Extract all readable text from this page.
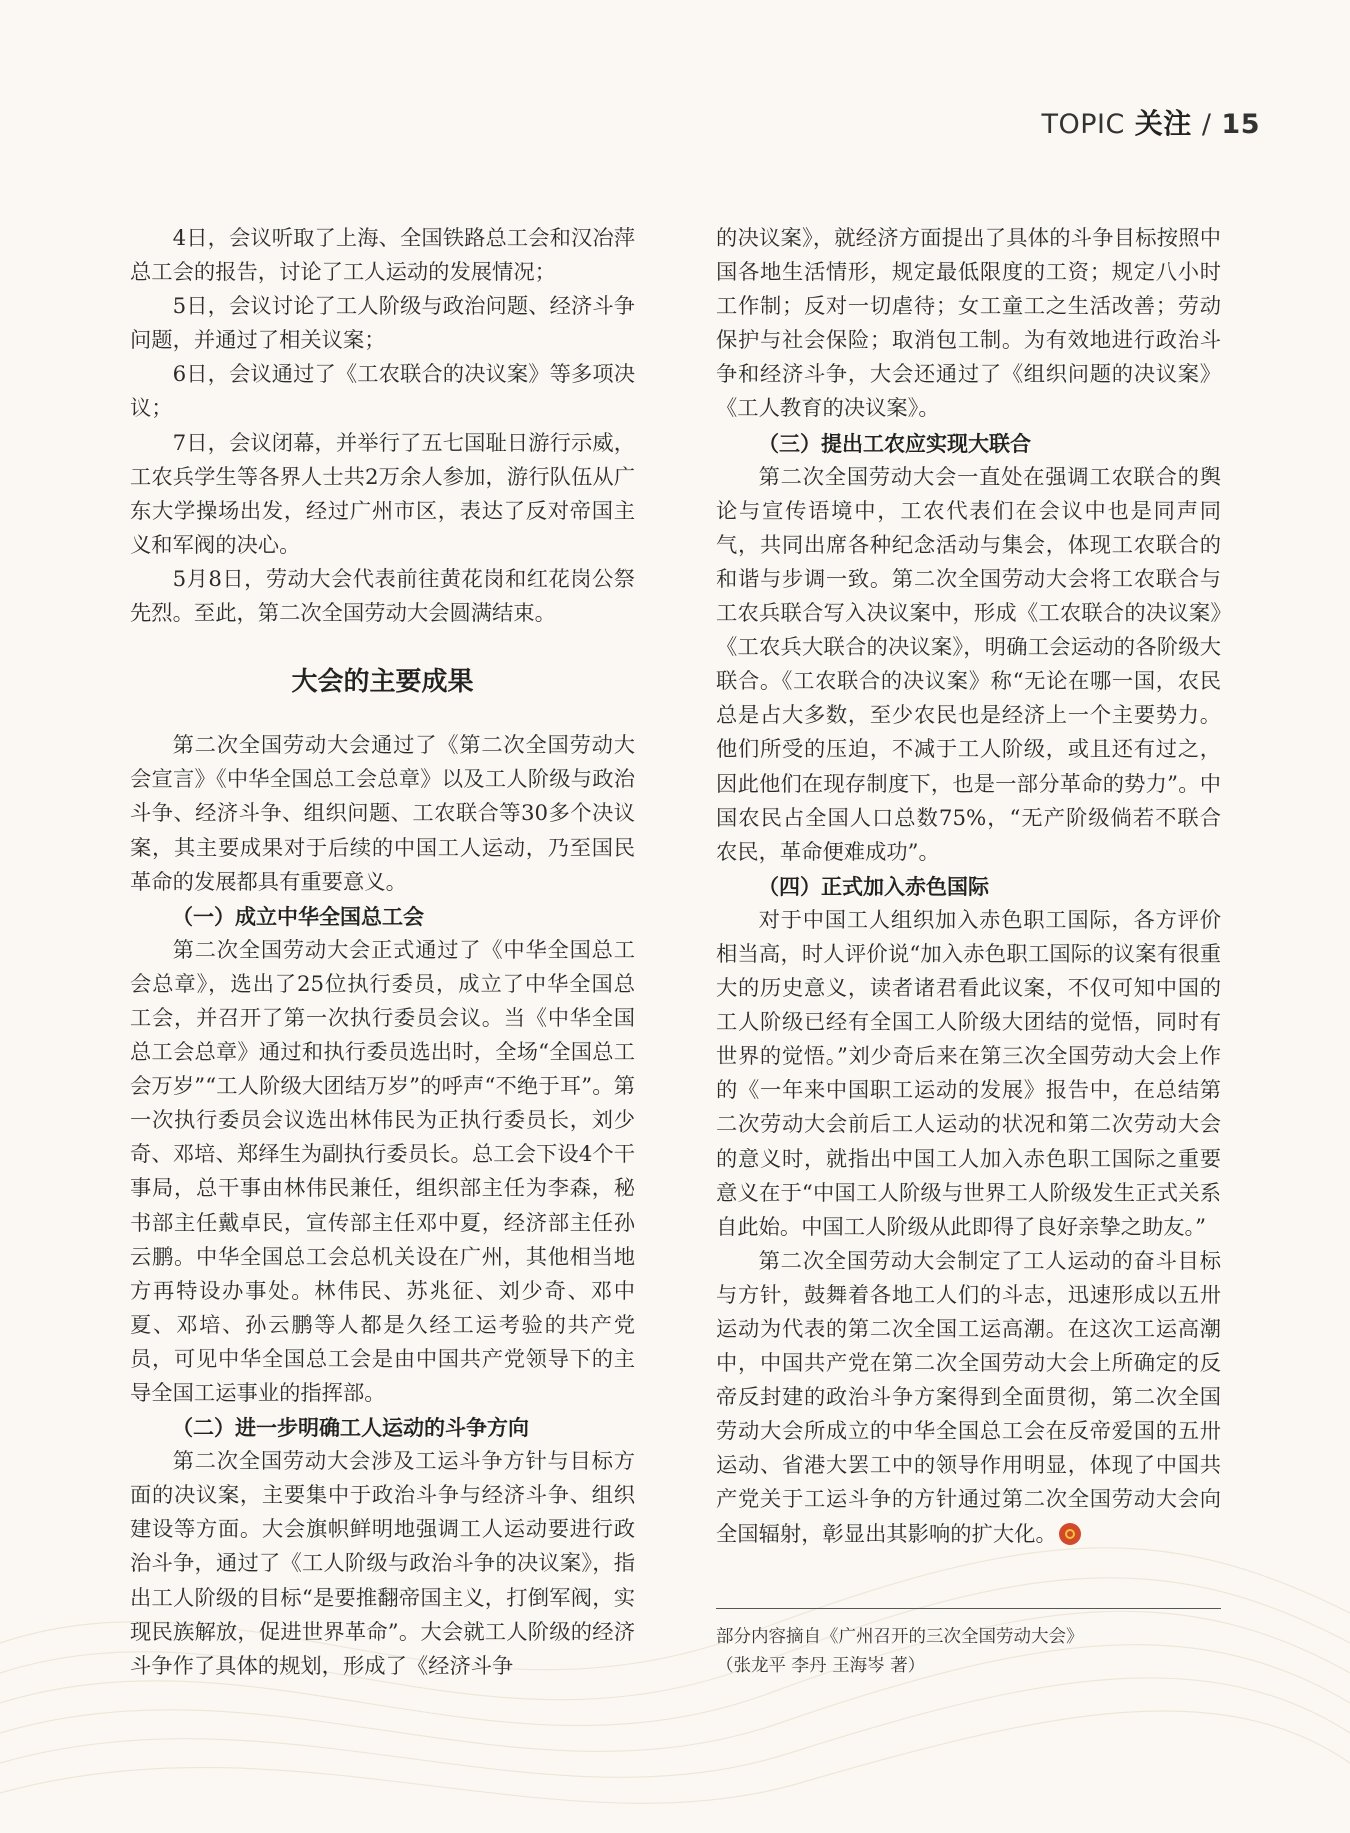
TOPIC 关注 / 15

4日，会议听取了上海、全国铁路总工会和汉冶萍总工会的报告，讨论了工人运动的发展情况；

5日，会议讨论了工人阶级与政治问题、经济斗争问题，并通过了相关议案；

6日，会议通过了《工农联合的决议案》等多项决议；

7日，会议闭幕，并举行了五七国耻日游行示威，工农兵学生等各界人士共2万余人参加，游行队伍从广东大学操场出发，经过广州市区，表达了反对帝国主义和军阀的决心。

5月8日，劳动大会代表前往黄花岗和红花岗公祭先烈。至此，第二次全国劳动大会圆满结束。

大会的主要成果

第二次全国劳动大会通过了《第二次全国劳动大会宣言》《中华全国总工会总章》以及工人阶级与政治斗争、经济斗争、组织问题、工农联合等30多个决议案，其主要成果对于后续的中国工人运动，乃至国民革命的发展都具有重要意义。

（一）成立中华全国总工会

第二次全国劳动大会正式通过了《中华全国总工会总章》，选出了25位执行委员，成立了中华全国总工会，并召开了第一次执行委员会议。当《中华全国总工会总章》通过和执行委员选出时，全场“全国总工会万岁”“工人阶级大团结万岁”的呼声“不绝于耳”。第一次执行委员会议选出林伟民为正执行委员长，刘少奇、邓培、郑绎生为副执行委员长。总工会下设4个干事局，总干事由林伟民兼任，组织部主任为李森，秘书部主任戴卓民，宣传部主任邓中夏，经济部主任孙云鹏。中华全国总工会总机关设在广州，其他相当地方再特设办事处。林伟民、苏兆征、刘少奇、邓中夏、邓培、孙云鹏等人都是久经工运考验的共产党员，可见中华全国总工会是由中国共产党领导下的主导全国工运事业的指挥部。

（二）进一步明确工人运动的斗争方向

第二次全国劳动大会涉及工运斗争方针与目标方面的决议案，主要集中于政治斗争与经济斗争、组织建设等方面。大会旗帜鲜明地强调工人运动要进行政治斗争，通过了《工人阶级与政治斗争的决议案》，指出工人阶级的目标“是要推翻帝国主义，打倒军阀，实现民族解放，促进世界革命”。大会就工人阶级的经济斗争作了具体的规划，形成了《经济斗争

的决议案》，就经济方面提出了具体的斗争目标按照中国各地生活情形，规定最低限度的工资；规定八小时工作制；反对一切虐待；女工童工之生活改善；劳动保护与社会保险；取消包工制。为有效地进行政治斗争和经济斗争，大会还通过了《组织问题的决议案》《工人教育的决议案》。

（三）提出工农应实现大联合

第二次全国劳动大会一直处在强调工农联合的舆论与宣传语境中，工农代表们在会议中也是同声同气，共同出席各种纪念活动与集会，体现工农联合的和谐与步调一致。第二次全国劳动大会将工农联合与工农兵联合写入决议案中，形成《工农联合的决议案》《工农兵大联合的决议案》，明确工会运动的各阶级大联合。《工农联合的决议案》称“无论在哪一国，农民总是占大多数，至少农民也是经济上一个主要势力。他们所受的压迫，不减于工人阶级，或且还有过之，因此他们在现存制度下，也是一部分革命的势力”。中国农民占全国人口总数75%，“无产阶级倘若不联合农民，革命便难成功”。

（四）正式加入赤色国际

对于中国工人组织加入赤色职工国际，各方评价相当高，时人评价说“加入赤色职工国际的议案有很重大的历史意义，读者诸君看此议案，不仅可知中国的工人阶级已经有全国工人阶级大团结的觉悟，同时有世界的觉悟。”刘少奇后来在第三次全国劳动大会上作的《一年来中国职工运动的发展》报告中，在总结第二次劳动大会前后工人运动的状况和第二次劳动大会的意义时，就指出中国工人加入赤色职工国际之重要意义在于“中国工人阶级与世界工人阶级发生正式关系自此始。中国工人阶级从此即得了良好亲挚之助友。”

第二次全国劳动大会制定了工人运动的奋斗目标与方针，鼓舞着各地工人们的斗志，迅速形成以五卅运动为代表的第二次全国工运高潮。在这次工运高潮中，中国共产党在第二次全国劳动大会上所确定的反帝反封建的政治斗争方案得到全面贯彻，第二次全国劳动大会所成立的中华全国总工会在反帝爱国的五卅运动、省港大罢工中的领导作用明显，体现了中国共产党关于工运斗争的方针通过第二次全国劳动大会向全国辐射，彰显出其影响的扩大化。

部分内容摘自《广州召开的三次全国劳动大会》
（张龙平 李丹 王海岑 著）
